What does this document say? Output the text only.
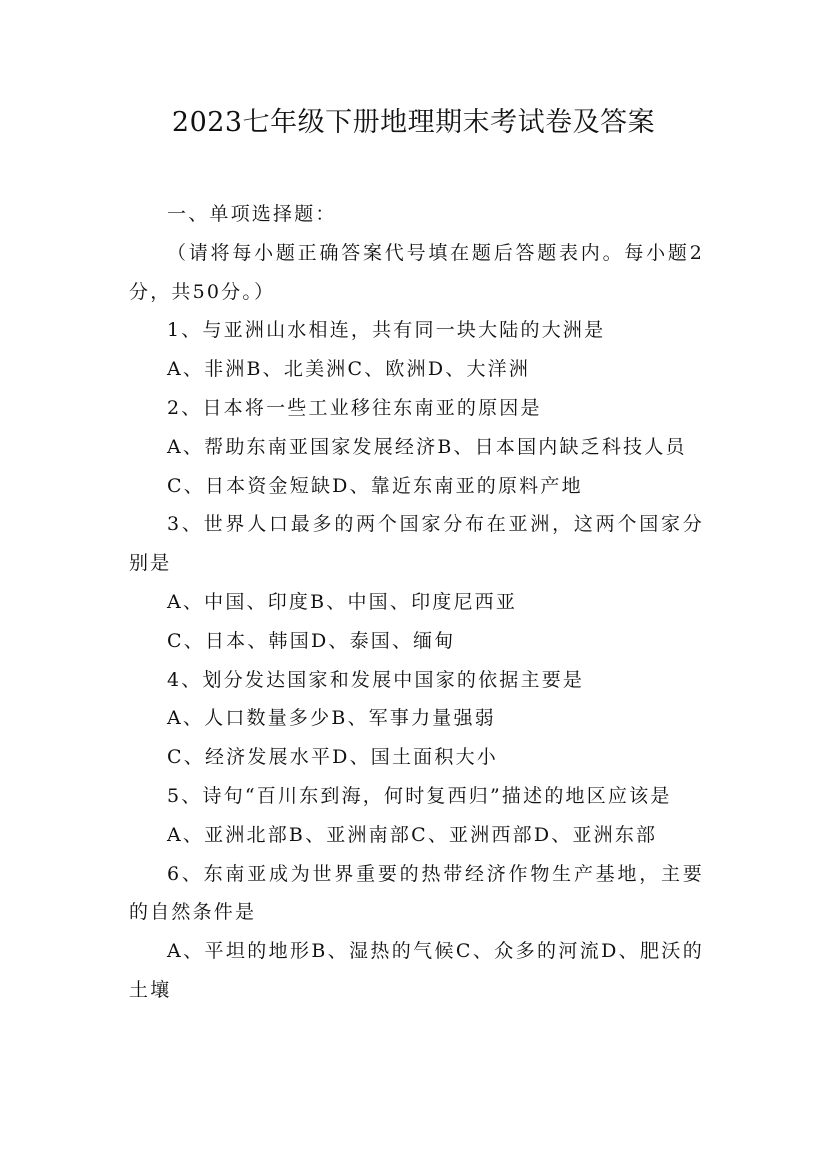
2023七年级下册地理期末考试卷及答案

一、单项选择题：

（请将每小题正确答案代号填在题后答题表内。每小题2分，共50分。）

1、与亚洲山水相连，共有同一块大陆的大洲是

A、非洲B、北美洲C、欧洲D、大洋洲

2、日本将一些工业移往东南亚的原因是

A、帮助东南亚国家发展经济B、日本国内缺乏科技人员

C、日本资金短缺D、靠近东南亚的原料产地

3、世界人口最多的两个国家分布在亚洲，这两个国家分别是

A、中国、印度B、中国、印度尼西亚

C、日本、韩国D、泰国、缅甸

4、划分发达国家和发展中国家的依据主要是

A、人口数量多少B、军事力量强弱

C、经济发展水平D、国土面积大小

5、诗句“百川东到海，何时复西归”描述的地区应该是

A、亚洲北部B、亚洲南部C、亚洲西部D、亚洲东部

6、东南亚成为世界重要的热带经济作物生产基地，主要的自然条件是

A、平坦的地形B、湿热的气候C、众多的河流D、肥沃的土壤
